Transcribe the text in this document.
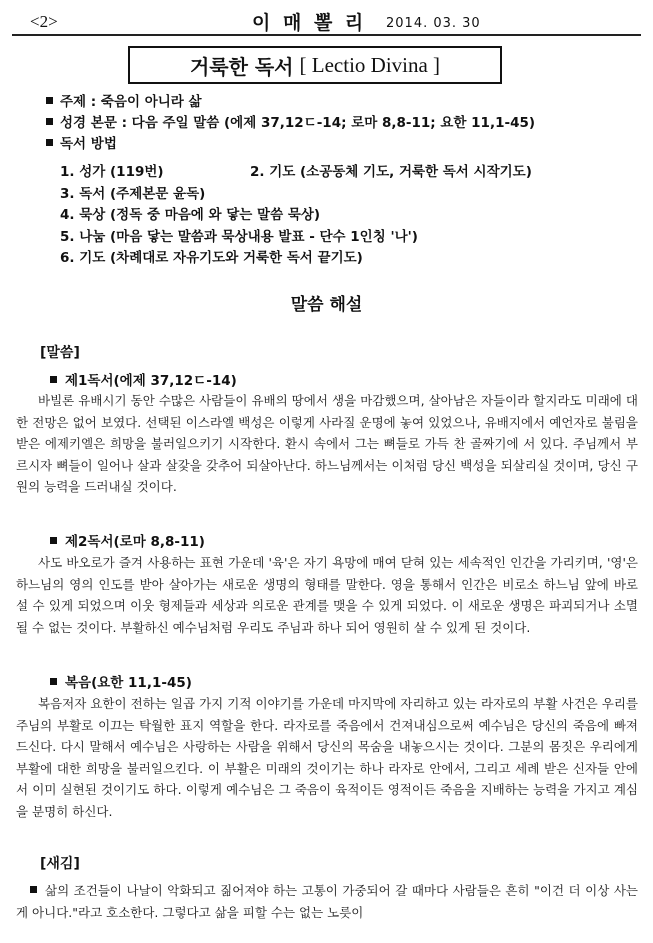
<2>	이 매 뽈 리 2014. 03. 30
거룩한 독서 [ Lectio Divina ]
주제 : 죽음이 아니라 삶
성경 본문 : 다음 주일 말씀 (에제 37,12ㄷ-14; 로마 8,8-11; 요한 11,1-45)
독서 방법
1. 성가 (119번)	2. 기도 (소공동체 기도, 거룩한 독서 시작기도)
3. 독서 (주제본문 윤독)
4. 묵상 (정독 중 마음에 와 닿는 말씀 묵상)
5. 나눔 (마음 닿는 말씀과 묵상내용 발표 - 단수 1인칭 '나')
6. 기도 (차례대로 자유기도와 거룩한 독서 끝기도)
말씀 해설
[말씀]
제1독서(에제 37,12ㄷ-14)
바빌론 유배시기 동안 수많은 사람들이 유배의 땅에서 생을 마감했으며, 살아남은 자들이라 할지라도 미래에 대한 전망은 없어 보였다. 선택된 이스라엘 백성은 이렇게 사라질 운명에 놓여 있었으나, 유배지에서 예언자로 불림을 받은 에제키엘은 희망을 불러일으키기 시작한다. 환시 속에서 그는 뼈들로 가득 찬 골짜기에 서 있다. 주님께서 부르시자 뼈들이 일어나 살과 살갗을 갖추어 되살아난다. 하느님께서는 이처럼 당신 백성을 되살리실 것이며, 당신 구원의 능력을 드러내실 것이다.
제2독서(로마 8,8-11)
사도 바오로가 즐겨 사용하는 표현 가운데 '육'은 자기 욕망에 매여 닫혀 있는 세속적인 인간을 가리키며, '영'은 하느님의 영의 인도를 받아 살아가는 새로운 생명의 형태를 말한다. 영을 통해서 인간은 비로소 하느님 앞에 바로 설 수 있게 되었으며 이웃 형제들과 세상과 의로운 관계를 맺을 수 있게 되었다. 이 새로운 생명은 파괴되거나 소멸될 수 없는 것이다. 부활하신 예수님처럼 우리도 주님과 하나 되어 영원히 살 수 있게 된 것이다.
복음(요한 11,1-45)
복음저자 요한이 전하는 일곱 가지 기적 이야기를 가운데 마지막에 자리하고 있는 라자로의 부활 사건은 우리를 주님의 부활로 이끄는 탁월한 표지 역할을 한다. 라자로를 죽음에서 건져내심으로써 예수님은 당신의 죽음에 빠져드신다. 다시 말해서 예수님은 사랑하는 사람을 위해서 당신의 목숨을 내놓으시는 것이다. 그분의 몸짓은 우리에게 부활에 대한 희망을 불러일으킨다. 이 부활은 미래의 것이기는 하나 라자로 안에서, 그리고 세례 받은 신자들 안에서 이미 실현된 것이기도 하다. 이렇게 예수님은 그 죽음이 육적이든 영적이든 죽음을 지배하는 능력을 가지고 계심을 분명히 하신다.
[새김]
삶의 조건들이 나날이 악화되고 짊어져야 하는 고통이 가중되어 갈 때마다 사람들은 흔히 "이건 더 이상 사는 게 아니다."라고 호소한다. 그렇다고 삶을 피할 수는 없는 노릇이
